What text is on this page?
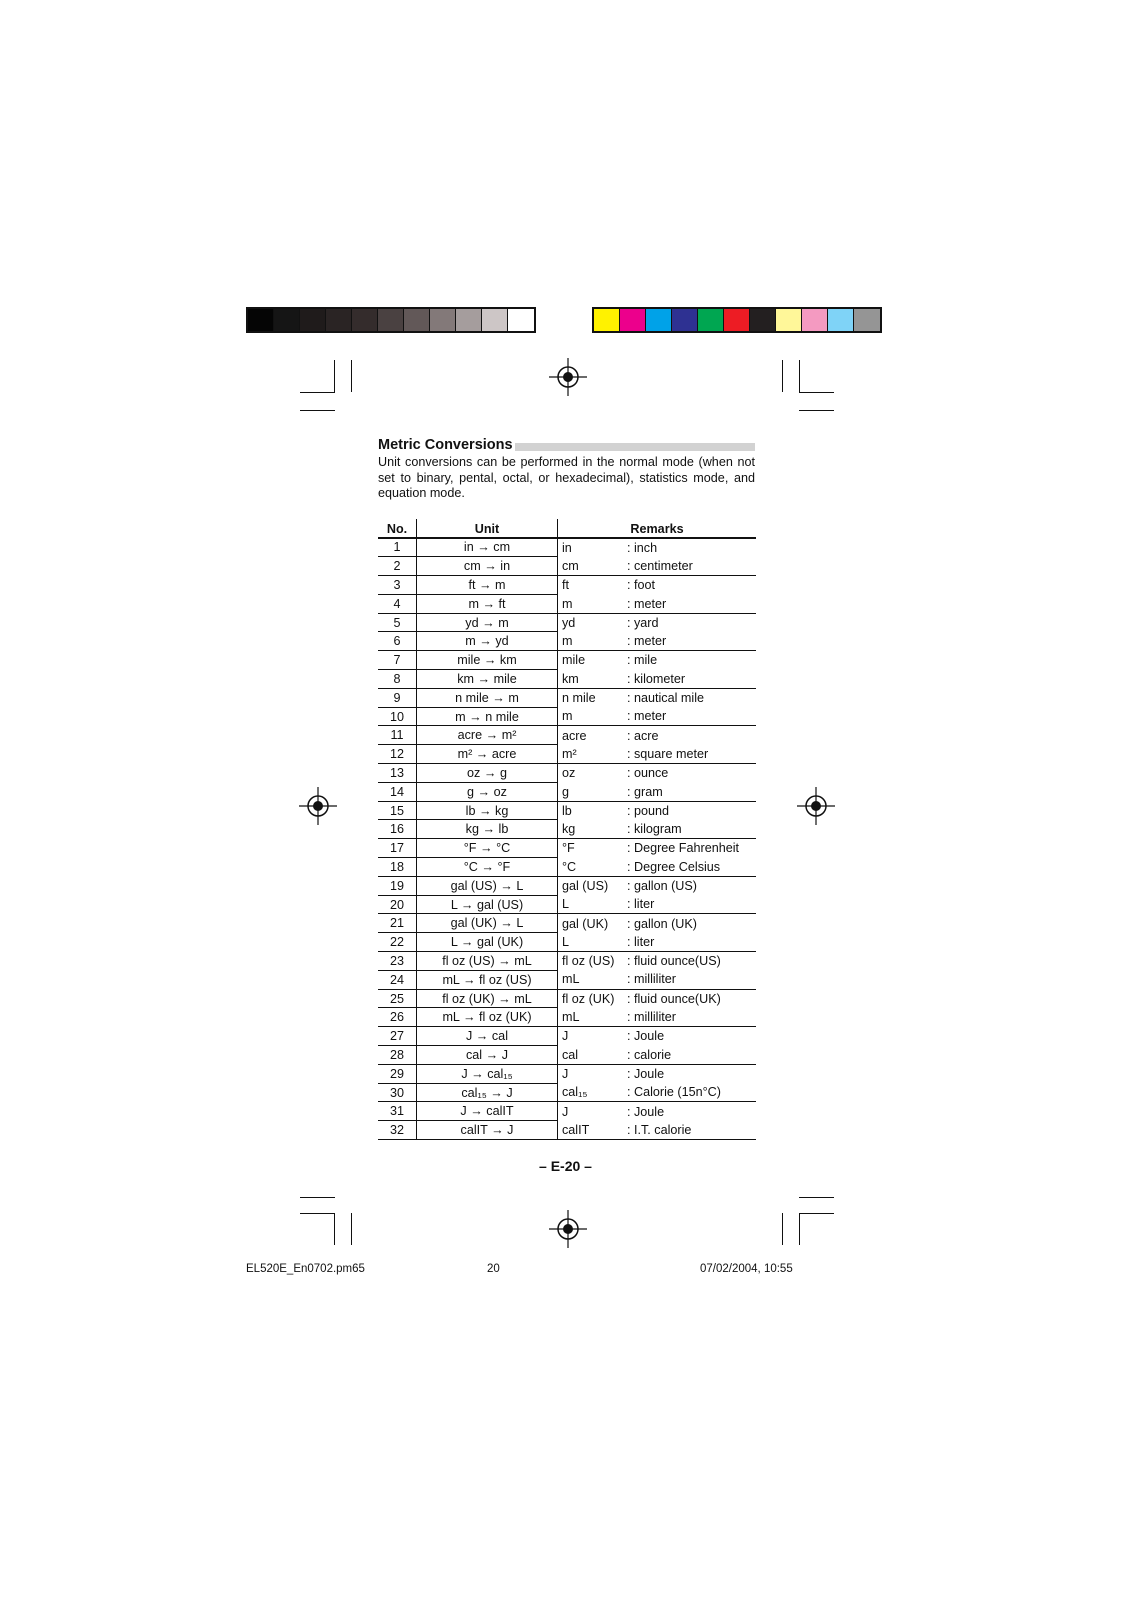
Metric Conversions

Unit conversions can be performed in the normal mode (when not set to binary, pental, octal, or hexadecimal), statistics mode, and equation mode.

No.	Unit	Remarks	
1	in → cm	in	: inch
2	cm → in	cm	: centimeter
3	ft → m	ft	: foot
4	m → ft	m	: meter
5	yd → m	yd	: yard
6	m → yd	m	: meter
7	mile → km	mile	: mile
8	km → mile	km	: kilometer
9	n mile → m	n mile	: nautical mile
10	m → n mile	m	: meter
11	acre → m²	acre	: acre
12	m² → acre	m²	: square meter
13	oz → g	oz	: ounce
14	g → oz	g	: gram
15	lb → kg	lb	: pound
16	kg → lb	kg	: kilogram
17	°F → °C	°F	: Degree Fahrenheit
18	°C → °F	°C	: Degree Celsius
19	gal (US) → L	gal (US)	: gallon (US)
20	L → gal (US)	L	: liter
21	gal (UK) → L	gal (UK)	: gallon (UK)
22	L → gal (UK)	L	: liter
23	fl oz (US) → mL	fl oz (US)	: fluid ounce(US)
24	mL → fl oz (US)	mL	: milliliter
25	fl oz (UK) → mL	fl oz (UK)	: fluid ounce(UK)
26	mL → fl oz (UK)	mL	: milliliter
27	J → cal	J	: Joule
28	cal → J	cal	: calorie
29	J → cal₁₅	J	: Joule
30	cal₁₅ → J	cal₁₅	: Calorie (15n°C)
31	J → calIT	J	: Joule
32	calIT → J	calIT	: I.T. calorie
– E-20 –
EL520E_En0702.pm65	20	07/02/2004, 10:55
